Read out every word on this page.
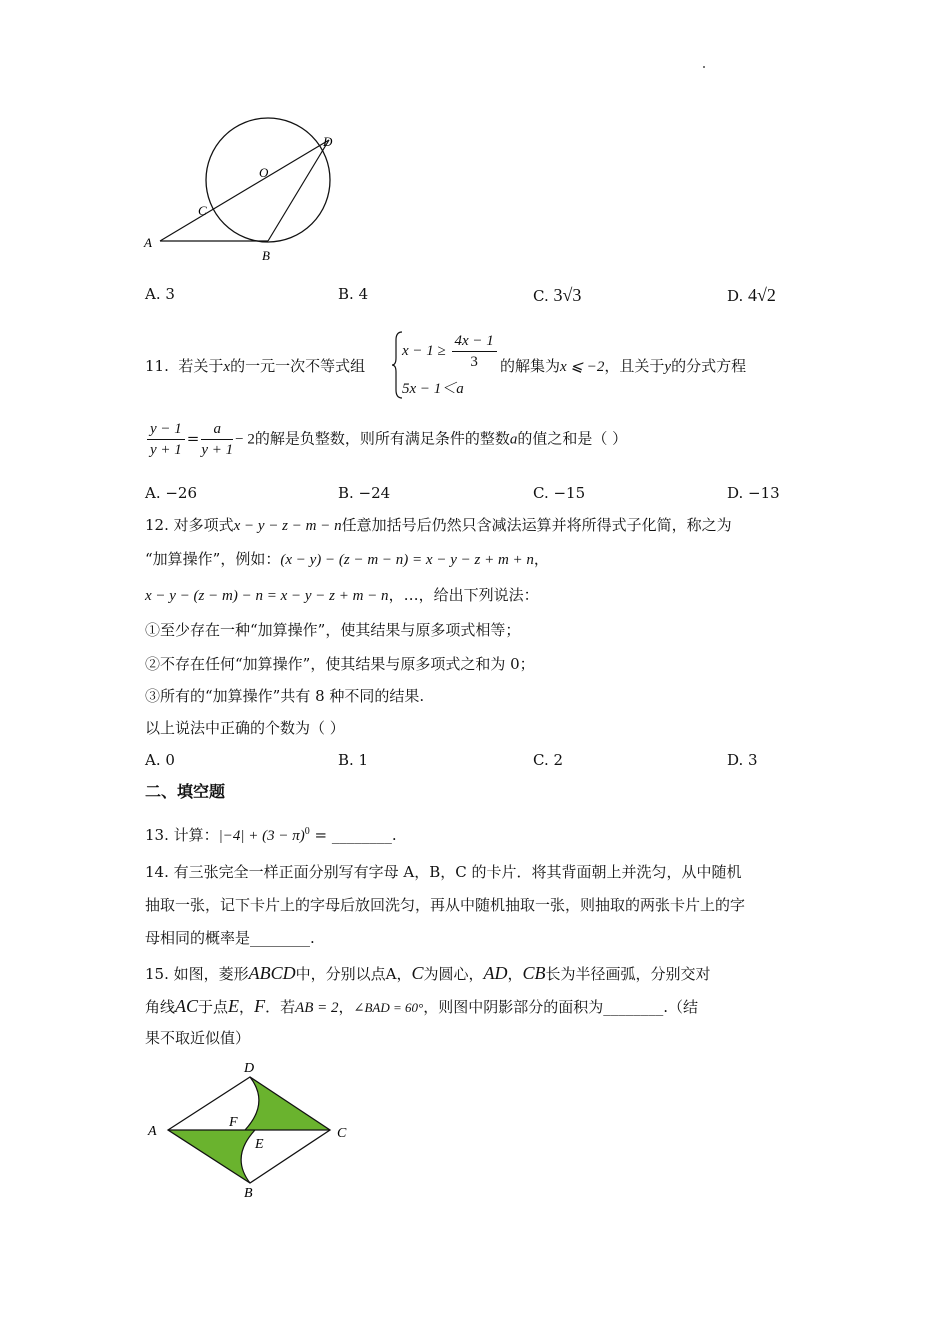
O
D
C
A
B
A. 3	B. 4	C. 3√3	D. 4√2
11. 若关于x的一元一次不等式组
$x - 1 \ge \frac{4x - 1}{3}$
5x − 1＜a
的解集为x ⩽ −2，且关于y的分式方程
$\frac{y - 1}{y + 1} = \frac{a}{y + 1} - 2$的解是负整数，则所有满足条件的整数a的值之和是（ ）
A. −26	B. −24	C. −15	D. −13
12. 对多项式x − y − z − m − n任意加括号后仍然只含减法运算并将所得式子化简，称之为
“加算操作”，例如：(x − y) − (z − m − n) = x − y − z + m + n，
x − y − (z − m) − n = x − y − z + m − n，…，给出下列说法：
①至少存在一种“加算操作”，使其结果与原多项式相等；
②不存在任何“加算操作”，使其结果与原多项式之和为 0；
③所有的“加算操作”共有 8 种不同的结果.
以上说法中正确的个数为（ ）
A. 0	B. 1	C. 2	D. 3
二、填空题
13. 计算：$|-4| + (3 - \pi)^0$ = ________.
14. 有三张完全一样正面分别写有字母 A，B，C 的卡片．将其背面朝上并洗匀，从中随机
抽取一张，记下卡片上的字母后放回洗匀，再从中随机抽取一张，则抽取的两张卡片上的字
母相同的概率是________.
15. 如图，菱形ABCD中，分别以点A，C为圆心，AD，CB长为半径画弧，分别交对
角线AC于点E，F．若AB = 2，∠BAD = 60°，则图中阴影部分的面积为________.（结
果不取近似值）
D
A
F
E
C
B
